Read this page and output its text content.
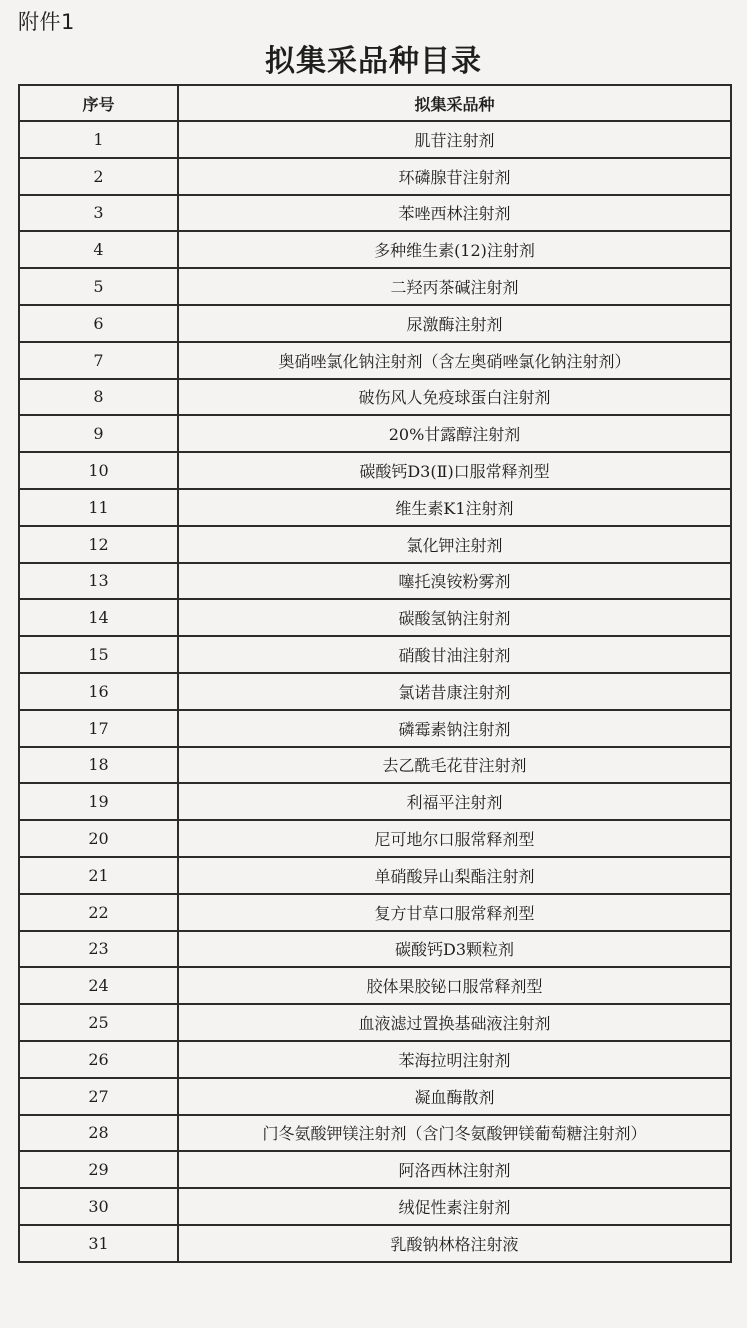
附件1
拟集采品种目录
序号	拟集采品种
1	肌苷注射剂
2	环磷腺苷注射剂
3	苯唑西林注射剂
4	多种维生素(12)注射剂
5	二羟丙茶碱注射剂
6	尿激酶注射剂
7	奥硝唑氯化钠注射剂（含左奥硝唑氯化钠注射剂）
8	破伤风人免疫球蛋白注射剂
9	20%甘露醇注射剂
10	碳酸钙D3(Ⅱ)口服常释剂型
11	维生素K1注射剂
12	氯化钾注射剂
13	噻托溴铵粉雾剂
14	碳酸氢钠注射剂
15	硝酸甘油注射剂
16	氯诺昔康注射剂
17	磷霉素钠注射剂
18	去乙酰毛花苷注射剂
19	利福平注射剂
20	尼可地尔口服常释剂型
21	单硝酸异山梨酯注射剂
22	复方甘草口服常释剂型
23	碳酸钙D3颗粒剂
24	胶体果胶铋口服常释剂型
25	血液滤过置换基础液注射剂
26	苯海拉明注射剂
27	凝血酶散剂
28	门冬氨酸钾镁注射剂（含门冬氨酸钾镁葡萄糖注射剂）
29	阿洛西林注射剂
30	绒促性素注射剂
31	乳酸钠林格注射液
